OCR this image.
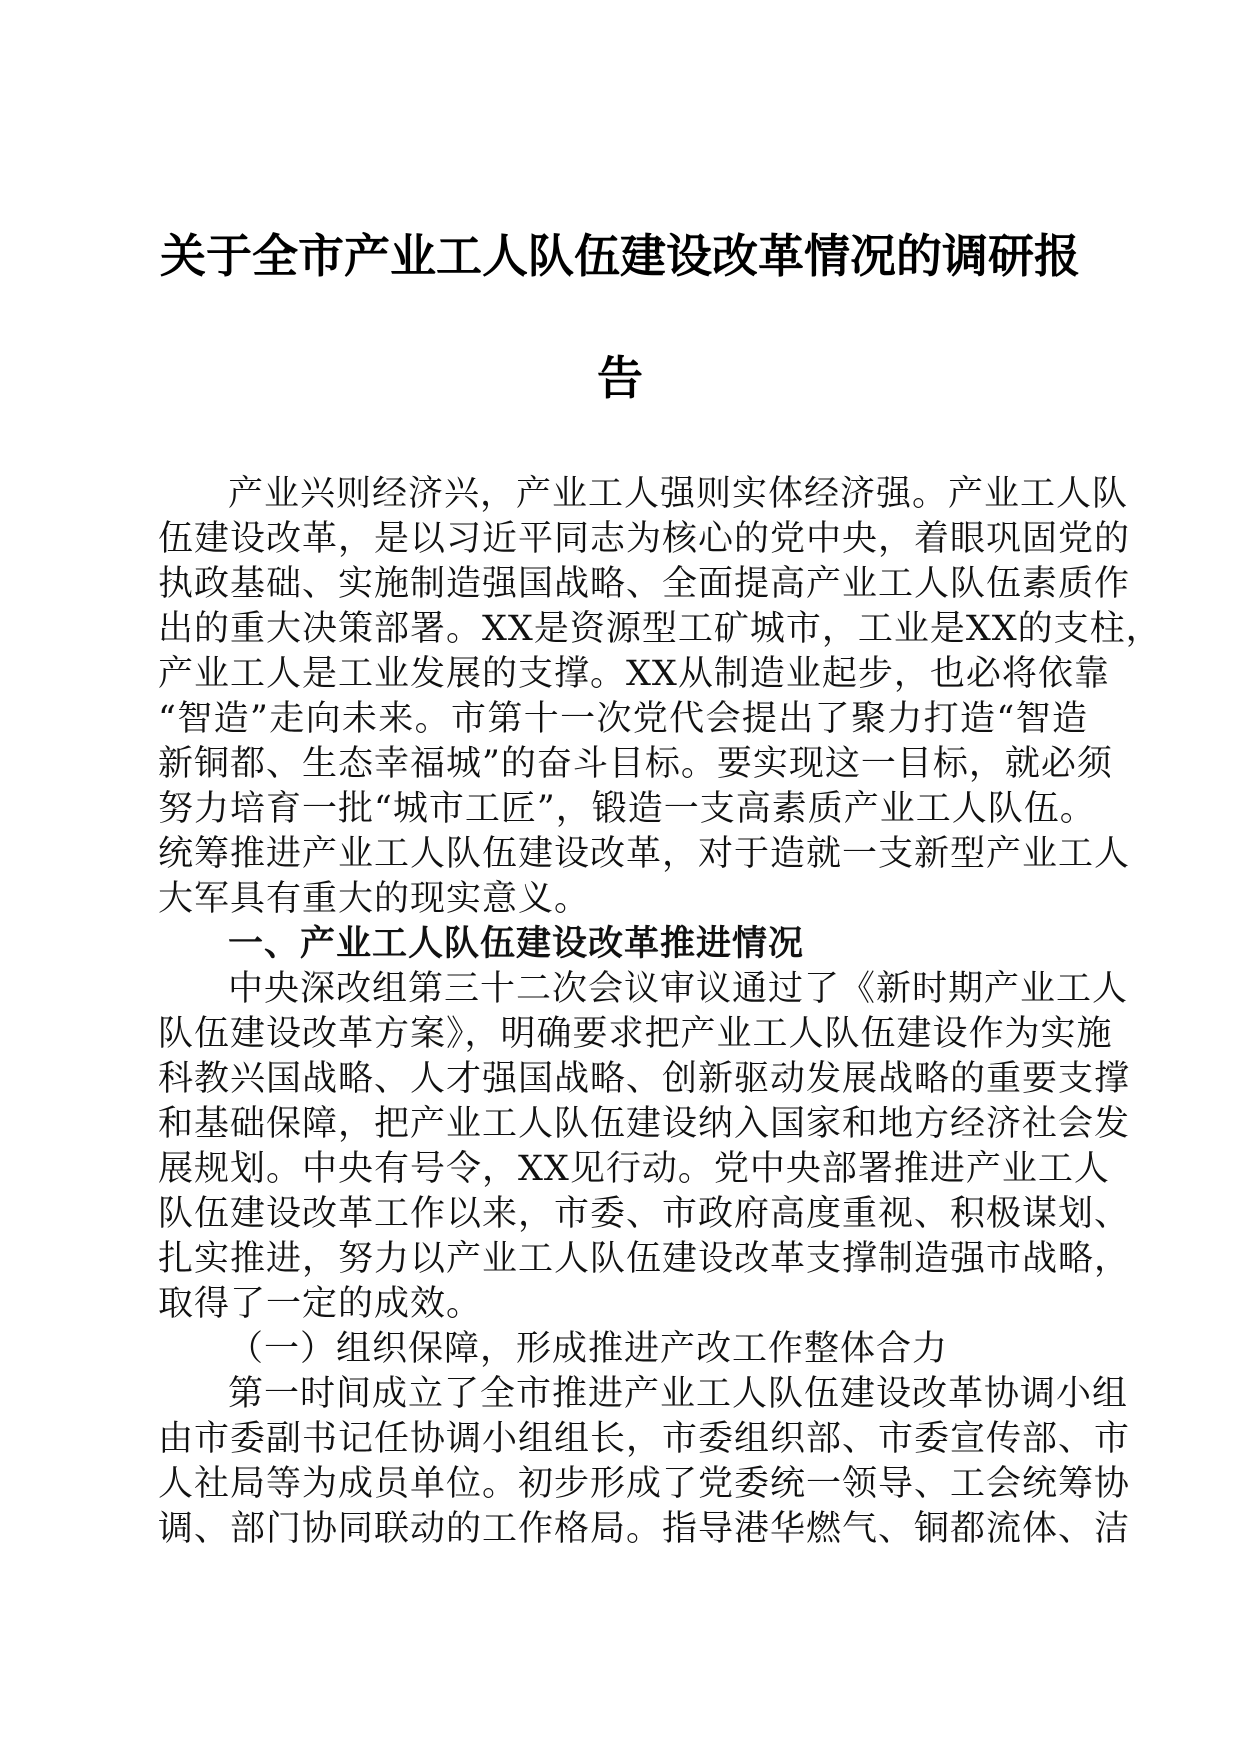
关于全市产业工人队伍建设改革情况的调研报
告
产业兴则经济兴，产业工人强则实体经济强。产业工人队
伍建设改革，是以习近平同志为核心的党中央，着眼巩固党的
执政基础、实施制造强国战略、全面提高产业工人队伍素质作
出的重大决策部署。XX是资源型工矿城市，工业是XX的支柱，
产业工人是工业发展的支撑。XX从制造业起步，也必将依靠
“智造”走向未来。市第十一次党代会提出了聚力打造“智造
新铜都、生态幸福城”的奋斗目标。要实现这一目标，就必须
努力培育一批“城市工匠”，锻造一支高素质产业工人队伍。
统筹推进产业工人队伍建设改革，对于造就一支新型产业工人
大军具有重大的现实意义。
一、产业工人队伍建设改革推进情况
中央深改组第三十二次会议审议通过了《新时期产业工人
队伍建设改革方案》，明确要求把产业工人队伍建设作为实施
科教兴国战略、人才强国战略、创新驱动发展战略的重要支撑
和基础保障，把产业工人队伍建设纳入国家和地方经济社会发
展规划。中央有号令，XX见行动。党中央部署推进产业工人
队伍建设改革工作以来，市委、市政府高度重视、积极谋划、
扎实推进，努力以产业工人队伍建设改革支撑制造强市战略，
取得了一定的成效。
（一）组织保障，形成推进产改工作整体合力
第一时间成立了全市推进产业工人队伍建设改革协调小组
由市委副书记任协调小组组长，市委组织部、市委宣传部、市
人社局等为成员单位。初步形成了党委统一领导、工会统筹协
调、部门协同联动的工作格局。指导港华燃气、铜都流体、洁
